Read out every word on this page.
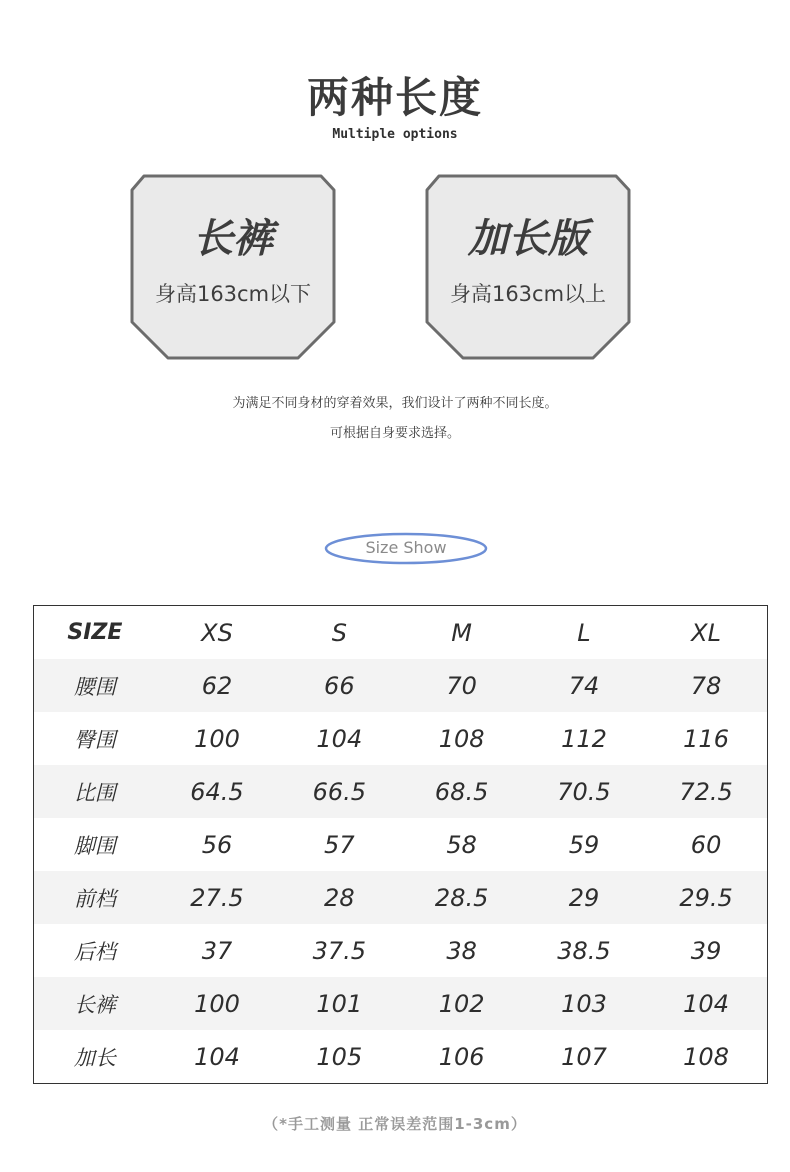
两种长度
Multiple options
长裤
身高163cm以下
加长版
身高163cm以上
为满足不同身材的穿着效果，我们设计了两种不同长度。
可根据自身要求选择。
Size Show
SIZE	XS	S	M	L	XL
腰围	62	66	70	74	78
臀围	100	104	108	112	116
比围	64.5	66.5	68.5	70.5	72.5
脚围	56	57	58	59	60
前档	27.5	28	28.5	29	29.5
后档	37	37.5	38	38.5	39
长裤	100	101	102	103	104
加长	104	105	106	107	108
（*手工测量 正常误差范围1-3cm）
